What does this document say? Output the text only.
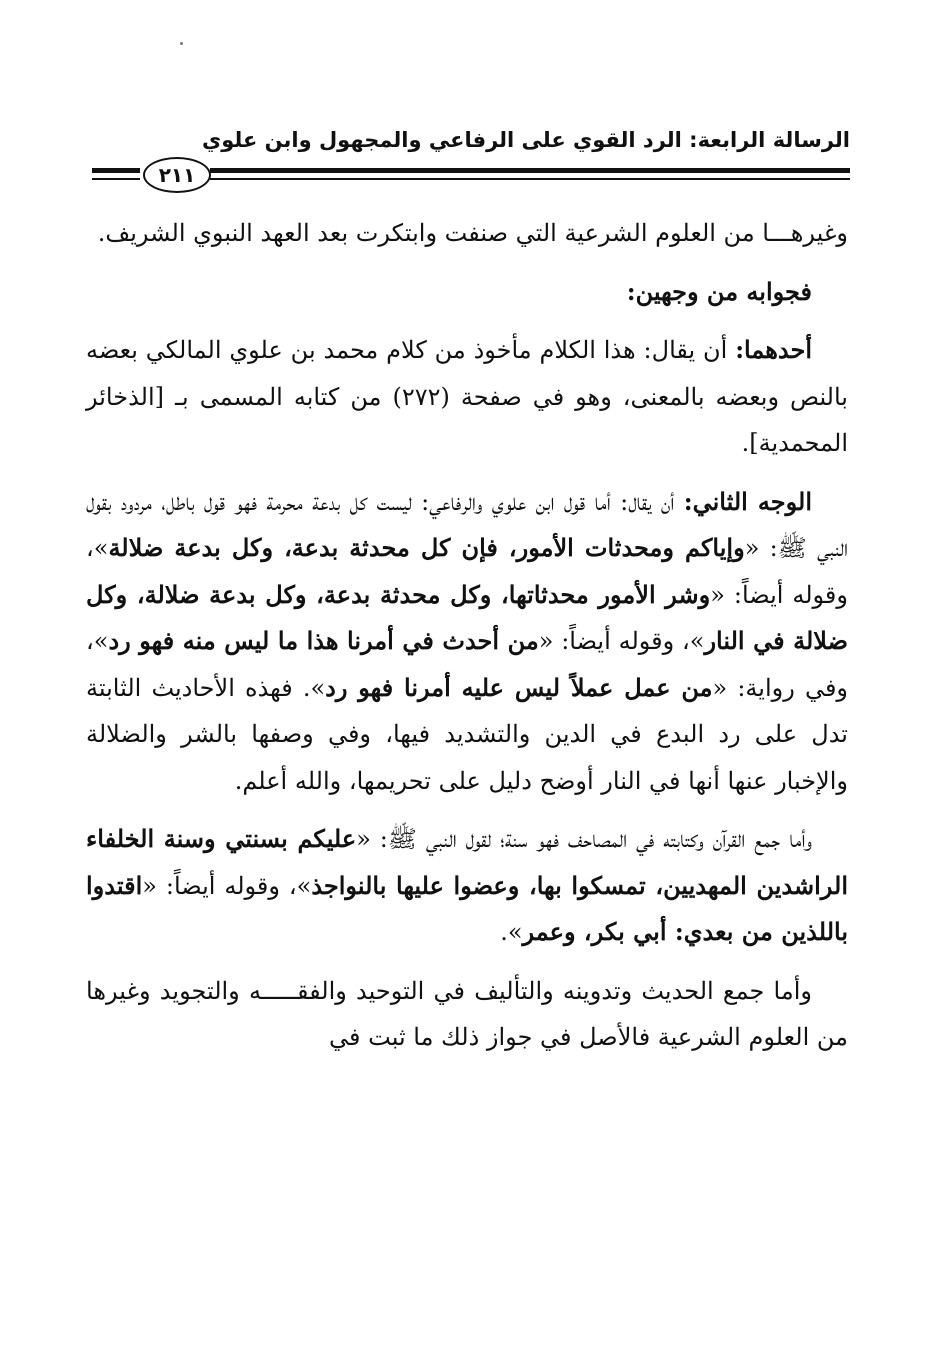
الرسالة الرابعة: الرد القوي على الرفاعي والمجهول وابن علوي
٢١١

وغيرهـــا من العلوم الشرعية التي صنفت وابتكرت بعد العهد النبوي الشريف.

فجوابه من وجهين:

أحدهما: أن يقال: هذا الكلام مأخوذ من كلام محمد بن علوي المالكي بعضه بالنص وبعضه بالمعنى، وهو في صفحة (٢٧٢) من كتابه المسمى بـ [الذخائر المحمدية].

الوجه الثاني: أن يقال: أما قول ابن علوي والرفاعي: ليست كل بدعة محرمة فهو قول باطل، مردود بقول النبي ﷺ: «وإياكم ومحدثات الأمور، فإن كل محدثة بدعة، وكل بدعة ضلالة»، وقوله أيضاً: «وشر الأمور محدثاتها، وكل محدثة بدعة، وكل بدعة ضلالة، وكل ضلالة في النار»، وقوله أيضاً: «من أحدث في أمرنا هذا ما ليس منه فهو رد»، وفي رواية: «من عمل عملاً ليس عليه أمرنا فهو رد». فهذه الأحاديث الثابتة تدل على رد البدع في الدين والتشديد فيها، وفي وصفها بالشر والضلالة والإخبار عنها أنها في النار أوضح دليل على تحريمها، والله أعلم.

وأما جمع القرآن وكتابته في المصاحف فهو سنة؛ لقول النبي ﷺ: «عليكم بسنتي وسنة الخلفاء الراشدين المهديين، تمسكوا بها، وعضوا عليها بالنواجذ»، وقوله أيضاً: «اقتدوا باللذين من بعدي: أبي بكر، وعمر».

وأما جمع الحديث وتدوينه والتأليف في التوحيد والفقـــــه والتجويد وغيرها من العلوم الشرعية فالأصل في جواز ذلك ما ثبت في
